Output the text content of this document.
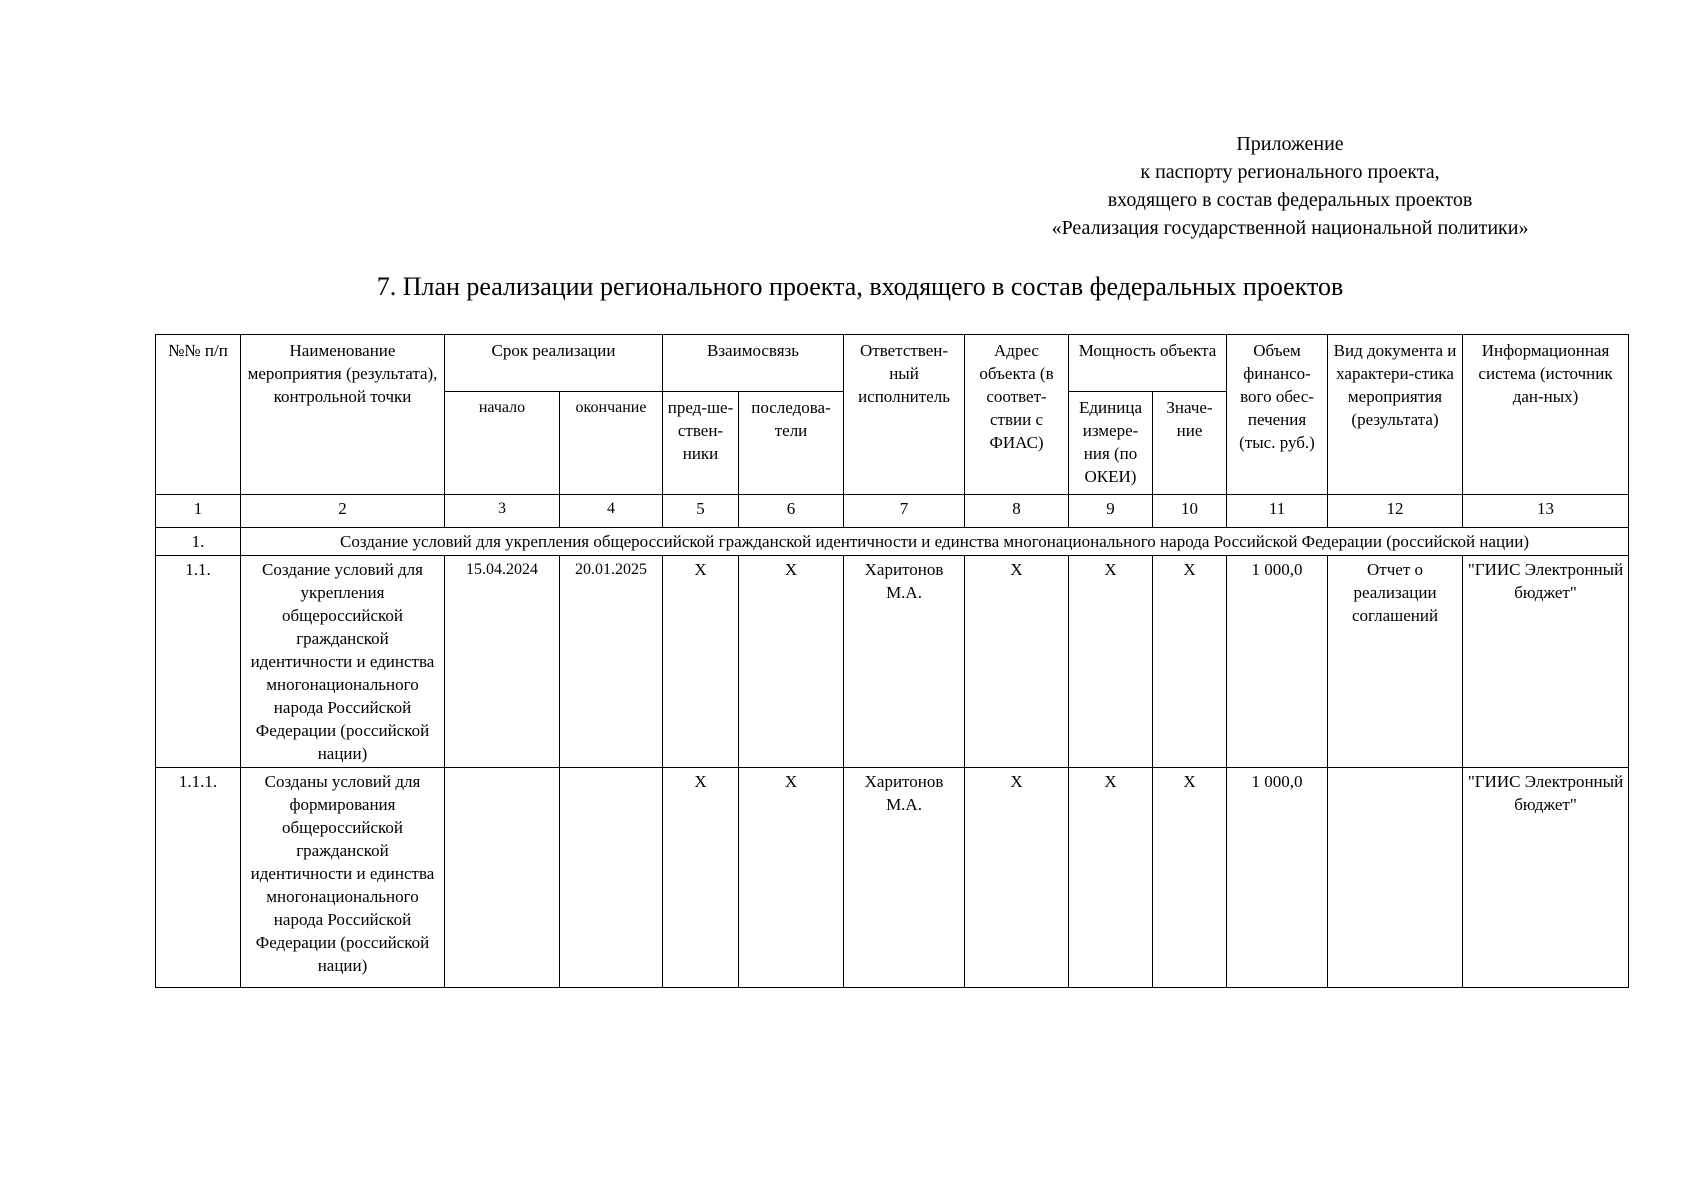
Приложение
к паспорту регионального проекта,
входящего в состав федеральных проектов
«Реализация государственной национальной политики»
7. План реализации регионального проекта, входящего в состав федеральных проектов
№№ п/п	Наименование мероприятия (результата), контрольной точки	Срок реализации		Взаимосвязь		Ответствен-ный исполнитель	Адрес объекта (в соответ-ствии с ФИАС)	Мощность объекта		Объем финансо-вого обес-печения (тыс. руб.)	Вид документа и характери-стика мероприятия (результата)	Информационная система (источник дан-ных)
		начало	окончание	пред-ше-ствен-ники	последова-тели			Единица измере-ния (по ОКЕИ)	Значе-ние			
1	2	3	4	5	6	7	8	9	10	11	12	13
1.	Создание условий для укрепления общероссийской гражданской идентичности и единства многонационального народа Российской Федерации (российской нации)											
1.1.	Создание условий для укрепления общероссийской гражданской идентичности и единства многонационального народа Российской Федерации (российской нации)	15.04.2024	20.01.2025	X	X	Харитонов М.А.	X	X	X	1 000,0	Отчет о реализации соглашений	"ГИИС Электронный бюджет"
1.1.1.	Созданы условий для формирования общероссийской гражданской идентичности и единства многонационального народа Российской Федерации (российской нации)			X	X	Харитонов М.А.	X	X	X	1 000,0		"ГИИС Электронный бюджет"
